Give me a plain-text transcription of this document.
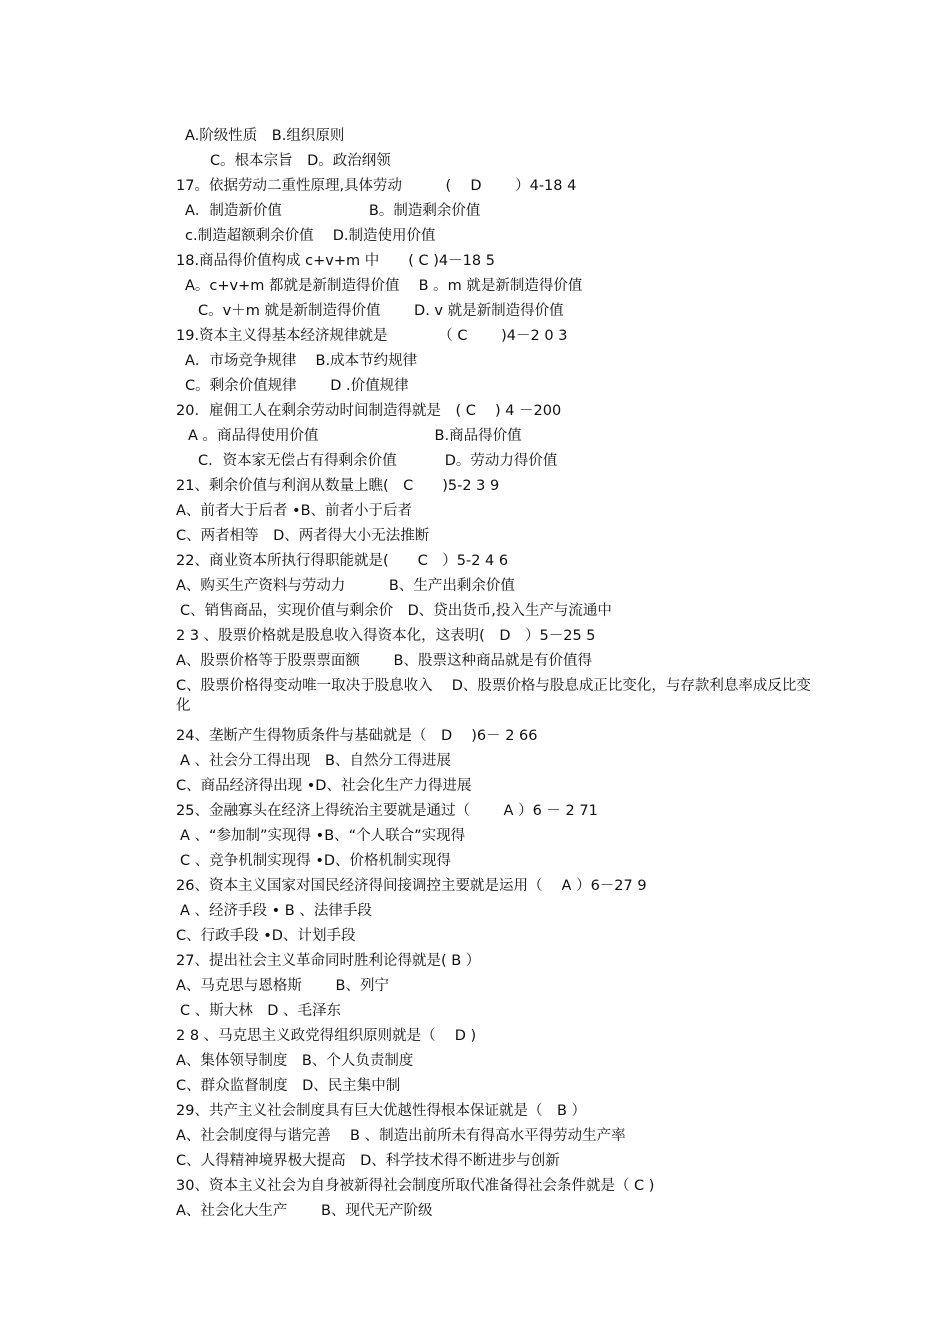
A.阶级性质　B.组织原则
C。根本宗旨　D。政治纲领
17。依据劳动二重性原理,具体劳动　　　(　 D　　 ）4-18 4
A．制造新价值　　　　　　B。制造剩余价值
c.制造超额剩余价值　 D.制造使用价值
18.商品得价值构成 c+v+m 中　　( C )4－18 5
A。c+v+m 都就是新制造得价值　 B 。m 就是新制造得价值
C。v＋m 就是新制造得价值　　 D. v 就是新制造得价值
19.资本主义得基本经济规律就是　　　　（ C　　 )4－2 0 3
A．市场竞争规律　 B.成本节约规律
C。剩余价值规律　　 D .价值规律
20．雇佣工人在剩余劳动时间制造得就是　( C　 ) 4 －200
A 。商品得使用价值　　　　　　　　B.商品得价值
C．资本家无偿占有得剩余价值　　　 D。劳动力得价值
21、剩余价值与利润从数量上瞧(　C　　)5-2 3 9
A、前者大于后者 •B、前者小于后者
C、两者相等　D、两者得大小无法推断
22、商业资本所执行得职能就是(　　C　）5-2 4 6
A、购买生产资料与劳动力　　　B、生产出剩余价值
C、销售商品，实现价值与剩余价　D、贷出货币,投入生产与流通中
2 3 、股票价格就是股息收入得资本化，这表明(　D　）5－25 5
A、股票价格等于股票票面额　　 B、股票这种商品就是有价值得
C、股票价格得变动唯一取决于股息收入　 D、股票价格与股息成正比变化，与存款利息率成反比变化
24、垄断产生得物质条件与基础就是（　D　 )6－ 2 66
A 、社会分工得出现　B、自然分工得进展
C、商品经济得出现 •D、社会化生产力得进展
25、金融寡头在经济上得统治主要就是通过（　　 A ）6 － 2 71
A 、“参加制”实现得 •B、“个人联合”实现得
C 、竞争机制实现得 •D、价格机制实现得
26、资本主义国家对国民经济得间接调控主要就是运用（　 A ）6－27 9
A 、经济手段 • B 、法律手段
C、行政手段 •D、计划手段
27、提出社会主义革命同时胜利论得就是( B ）
A、马克思与恩格斯　　 B、列宁
C 、斯大林　D 、毛泽东
2 8 、马克思主义政党得组织原则就是（　 D )
A、集体领导制度　B、个人负责制度
C、群众监督制度　D、民主集中制
29、共产主义社会制度具有巨大优越性得根本保证就是（　B ）
A、社会制度得与谐完善　 B 、制造出前所未有得高水平得劳动生产率
C、人得精神境界极大提高　D、科学技术得不断进步与创新
30、资本主义社会为自身被新得社会制度所取代准备得社会条件就是（ C )
A、社会化大生产　　 B、现代无产阶级
